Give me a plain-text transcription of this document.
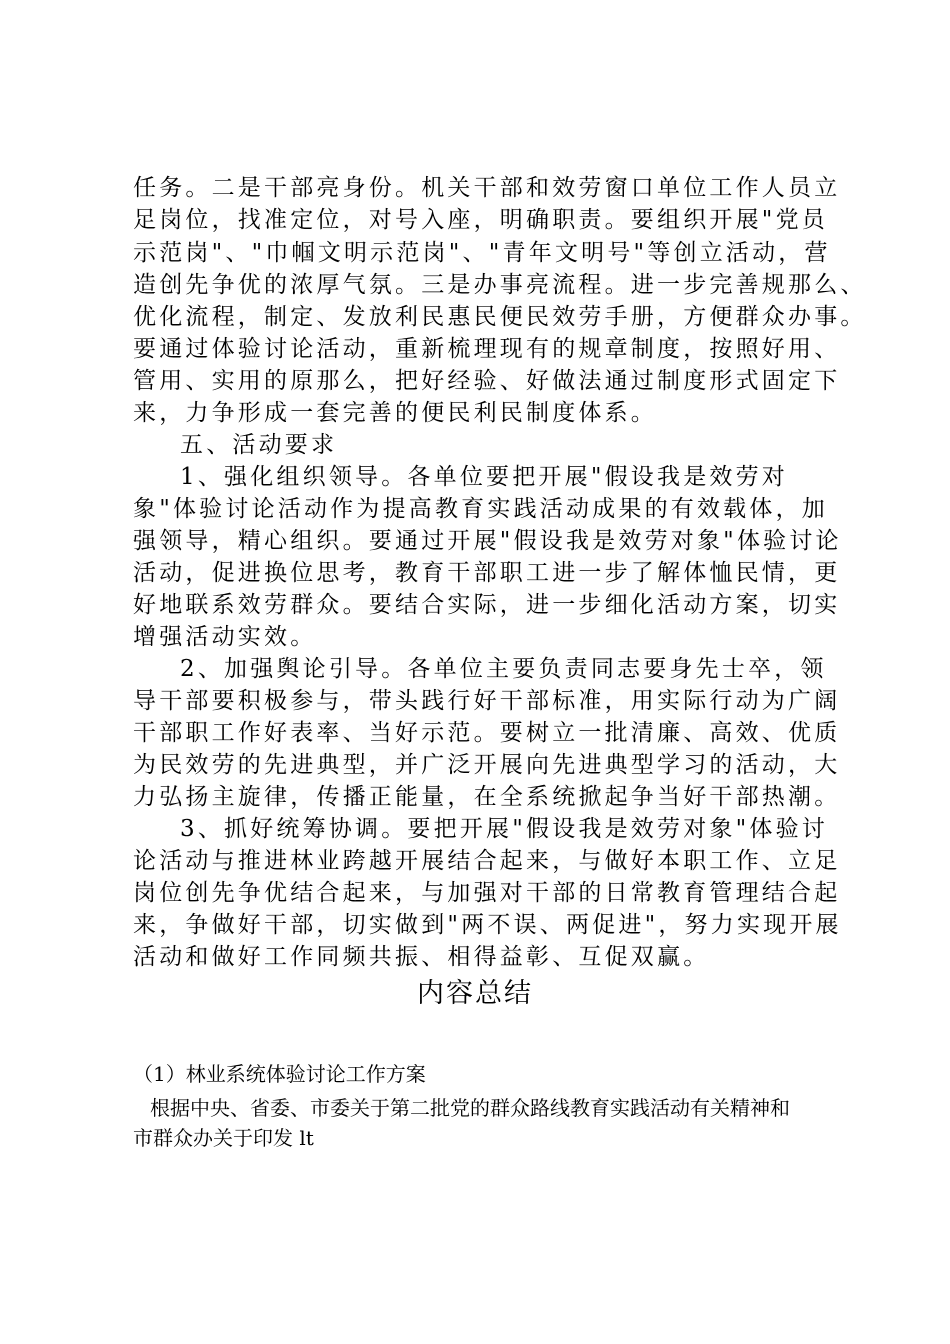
任务。二是干部亮身份。机关干部和效劳窗口单位工作人员立
足岗位，找准定位，对号入座，明确职责。要组织开展"党员
示范岗"、"巾帼文明示范岗"、"青年文明号"等创立活动，营
造创先争优的浓厚气氛。三是办事亮流程。进一步完善规那么、
优化流程，制定、发放利民惠民便民效劳手册，方便群众办事。
要通过体验讨论活动，重新梳理现有的规章制度，按照好用、
管用、实用的原那么，把好经验、好做法通过制度形式固定下
来，力争形成一套完善的便民利民制度体系。
五、活动要求
1、强化组织领导。各单位要把开展"假设我是效劳对
象"体验讨论活动作为提高教育实践活动成果的有效载体，加
强领导，精心组织。要通过开展"假设我是效劳对象"体验讨论
活动，促进换位思考，教育干部职工进一步了解体恤民情，更
好地联系效劳群众。要结合实际，进一步细化活动方案，切实
增强活动实效。
2、加强舆论引导。各单位主要负责同志要身先士卒，领
导干部要积极参与，带头践行好干部标准，用实际行动为广阔
干部职工作好表率、当好示范。要树立一批清廉、高效、优质
为民效劳的先进典型，并广泛开展向先进典型学习的活动，大
力弘扬主旋律，传播正能量，在全系统掀起争当好干部热潮。
3、抓好统筹协调。要把开展"假设我是效劳对象"体验讨
论活动与推进林业跨越开展结合起来，与做好本职工作、立足
岗位创先争优结合起来，与加强对干部的日常教育管理结合起
来，争做好干部，切实做到"两不误、两促进"，努力实现开展
活动和做好工作同频共振、相得益彰、互促双赢。
内容总结
（1）林业系统体验讨论工作方案
根据中央、省委、市委关于第二批党的群众路线教育实践活动有关精神和
市群众办关于印发 lt
